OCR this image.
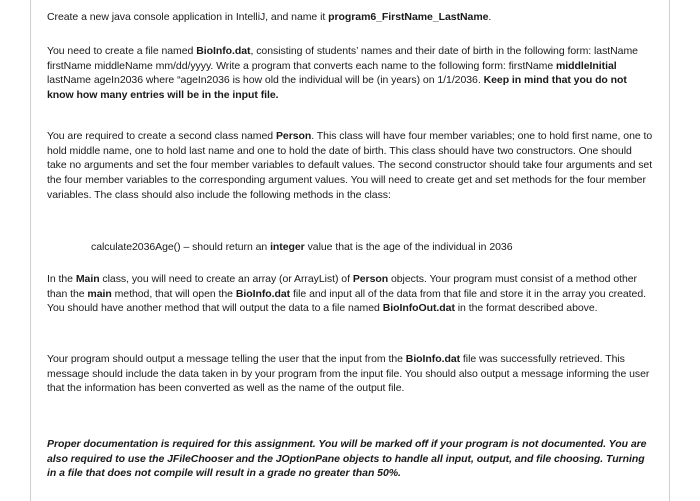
Create a new java console application in IntelliJ, and name it program6_FirstName_LastName.

You need to create a file named BioInfo.dat, consisting of students’ names and their date of birth in the following form: lastName firstName middleName mm/dd/yyyy. Write a program that converts each name to the following form: firstName middleInitial lastName ageIn2036 where “ageIn2036 is how old the individual will be (in years) on 1/1/2036. Keep in mind that you do not know how many entries will be in the input file.

You are required to create a second class named Person. This class will have four member variables; one to hold first name, one to hold middle name, one to hold last name and one to hold the date of birth. This class should have two constructors. One should take no arguments and set the four member variables to default values. The second constructor should take four arguments and set the four member variables to the corresponding argument values. You will need to create get and set methods for the four member variables. The class should also include the following methods in the class:

calculate2036Age() – should return an integer value that is the age of the individual in 2036

In the Main class, you will need to create an array (or ArrayList) of Person objects. Your program must consist of a method other than the main method, that will open the BioInfo.dat file and input all of the data from that file and store it in the array you created. You should have another method that will output the data to a file named BioInfoOut.dat in the format described above.

Your program should output a message telling the user that the input from the BioInfo.dat file was successfully retrieved. This message should include the data taken in by your program from the input file. You should also output a message informing the user that the information has been converted as well as the name of the output file.

Proper documentation is required for this assignment. You will be marked off if your program is not documented. You are also required to use the JFileChooser and the JOptionPane objects to handle all input, output, and file choosing. Turning in a file that does not compile will result in a grade no greater than 50%.
